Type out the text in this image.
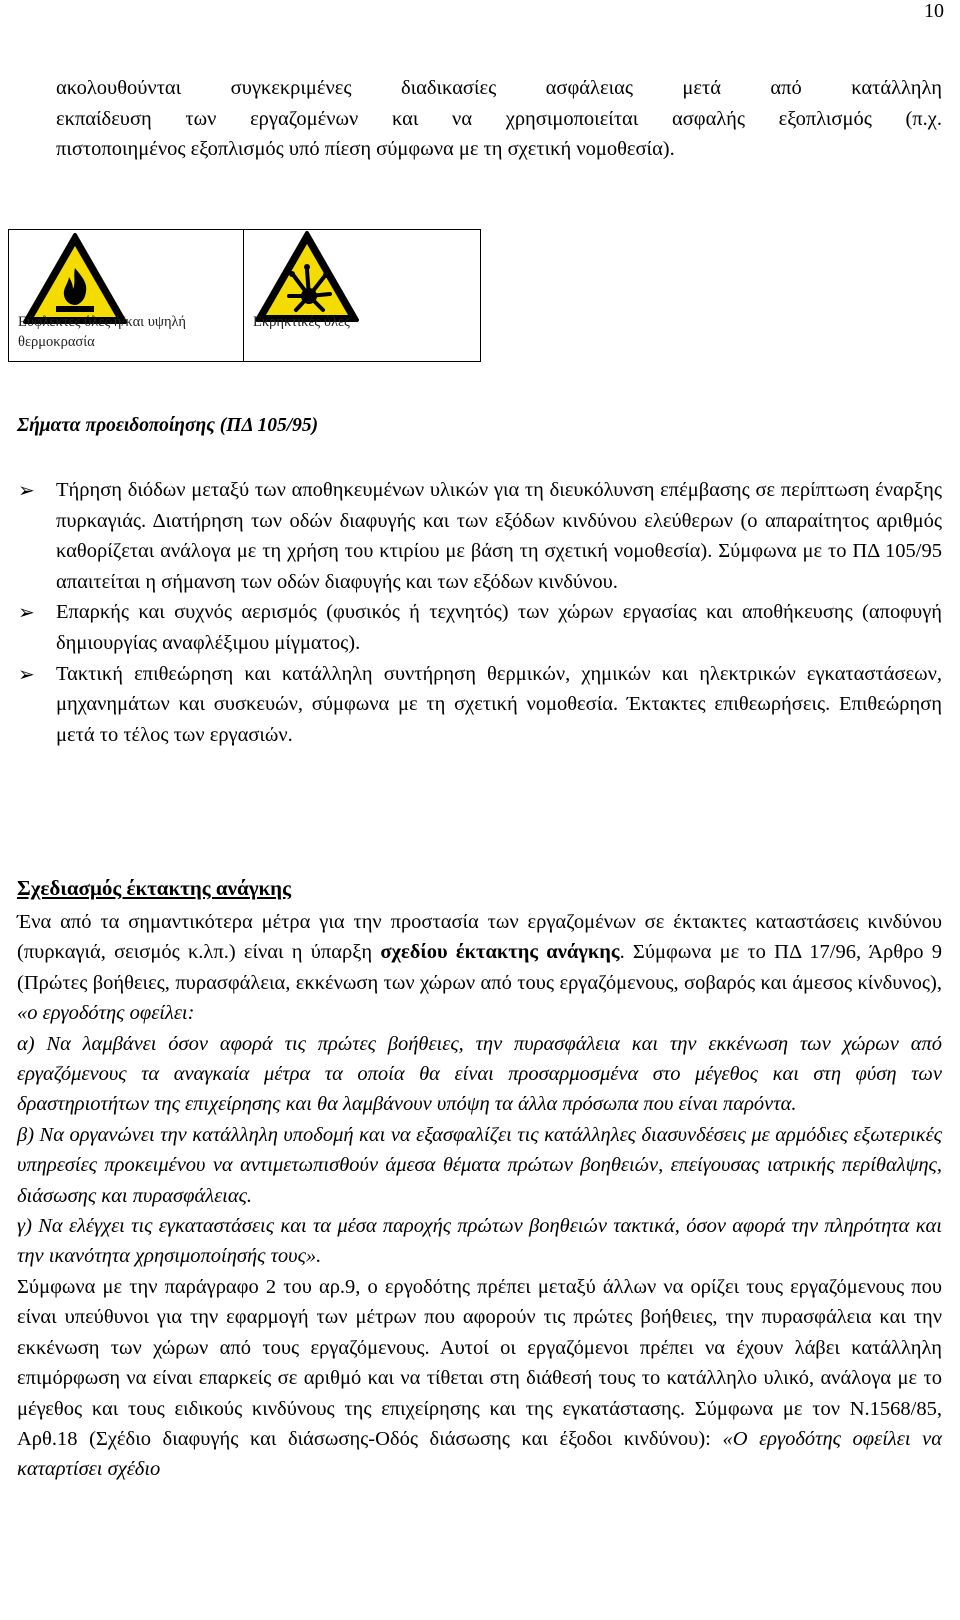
10

ακολουθούνται συγκεκριμένες διαδικασίες ασφάλειας μετά από κατάλληλη

εκπαίδευση των εργαζομένων και να χρησιμοποιείται ασφαλής εξοπλισμός (π.χ.

πιστοποιημένος εξοπλισμός υπό πίεση σύμφωνα με τη σχετική νομοθεσία).

Εύφλεκτες ύλες ή/και υψηλή θερμοκρασία
Εκρηκτικές ύλες

Σήματα προειδοποίησης (ΠΔ 105/95)

➢ Τήρηση διόδων μεταξύ των αποθηκευμένων υλικών για τη διευκόλυνση επέμβασης σε περίπτωση έναρξης πυρκαγιάς. Διατήρηση των οδών διαφυγής και των εξόδων κινδύνου ελεύθερων (ο απαραίτητος αριθμός καθορίζεται ανάλογα με τη χρήση του κτιρίου με βάση τη σχετική νομοθεσία). Σύμφωνα με το ΠΔ 105/95 απαιτείται η σήμανση των οδών διαφυγής και των εξόδων κινδύνου.
➢ Επαρκής και συχνός αερισμός (φυσικός ή τεχνητός) των χώρων εργασίας και αποθήκευσης (αποφυγή δημιουργίας αναφλέξιμου μίγματος).
➢ Τακτική επιθεώρηση και κατάλληλη συντήρηση θερμικών, χημικών και ηλεκτρικών εγκαταστάσεων, μηχανημάτων και συσκευών, σύμφωνα με τη σχετική νομοθεσία. Έκτακτες επιθεωρήσεις. Επιθεώρηση μετά το τέλος των εργασιών.
Σχεδιασμός έκτακτης ανάγκης

Ένα από τα σημαντικότερα μέτρα για την προστασία των εργαζομένων σε έκτακτες καταστάσεις κινδύνου (πυρκαγιά, σεισμός κ.λπ.) είναι η ύπαρξη σχεδίου έκτακτης ανάγκης. Σύμφωνα με το ΠΔ 17/96, Άρθρο 9 (Πρώτες βοήθειες, πυρασφάλεια, εκκένωση των χώρων από τους εργαζόμενους, σοβαρός και άμεσος κίνδυνος), «ο εργοδότης οφείλει:

α) Να λαμβάνει όσον αφορά τις πρώτες βοήθειες, την πυρασφάλεια και την εκκένωση των χώρων από εργαζόμενους τα αναγκαία μέτρα τα οποία θα είναι προσαρμοσμένα στο μέγεθος και στη φύση των δραστηριοτήτων της επιχείρησης και θα λαμβάνουν υπόψη τα άλλα πρόσωπα που είναι παρόντα.

β) Να οργανώνει την κατάλληλη υποδομή και να εξασφαλίζει τις κατάλληλες διασυνδέσεις με αρμόδιες εξωτερικές υπηρεσίες προκειμένου να αντιμετωπισθούν άμεσα θέματα πρώτων βοηθειών, επείγουσας ιατρικής περίθαλψης, διάσωσης και πυρασφάλειας.

γ) Να ελέγχει τις εγκαταστάσεις και τα μέσα παροχής πρώτων βοηθειών τακτικά, όσον αφορά την πληρότητα και την ικανότητα χρησιμοποίησής τους».

Σύμφωνα με την παράγραφο 2 του αρ.9, ο εργοδότης πρέπει μεταξύ άλλων να ορίζει τους εργαζόμενους που είναι υπεύθυνοι για την εφαρμογή των μέτρων που αφορούν τις πρώτες βοήθειες, την πυρασφάλεια και την εκκένωση των χώρων από τους εργαζόμενους. Αυτοί οι εργαζόμενοι πρέπει να έχουν λάβει κατάλληλη επιμόρφωση να είναι επαρκείς σε αριθμό και να τίθεται στη διάθεσή τους το κατάλληλο υλικό, ανάλογα με το μέγεθος και τους ειδικούς κινδύνους της επιχείρησης και της εγκατάστασης. Σύμφωνα με τον Ν.1568/85, Αρθ.18 (Σχέδιο διαφυγής και διάσωσης-Οδός διάσωσης και έξοδοι κινδύνου): «Ο εργοδότης οφείλει να καταρτίσει σχέδιο
